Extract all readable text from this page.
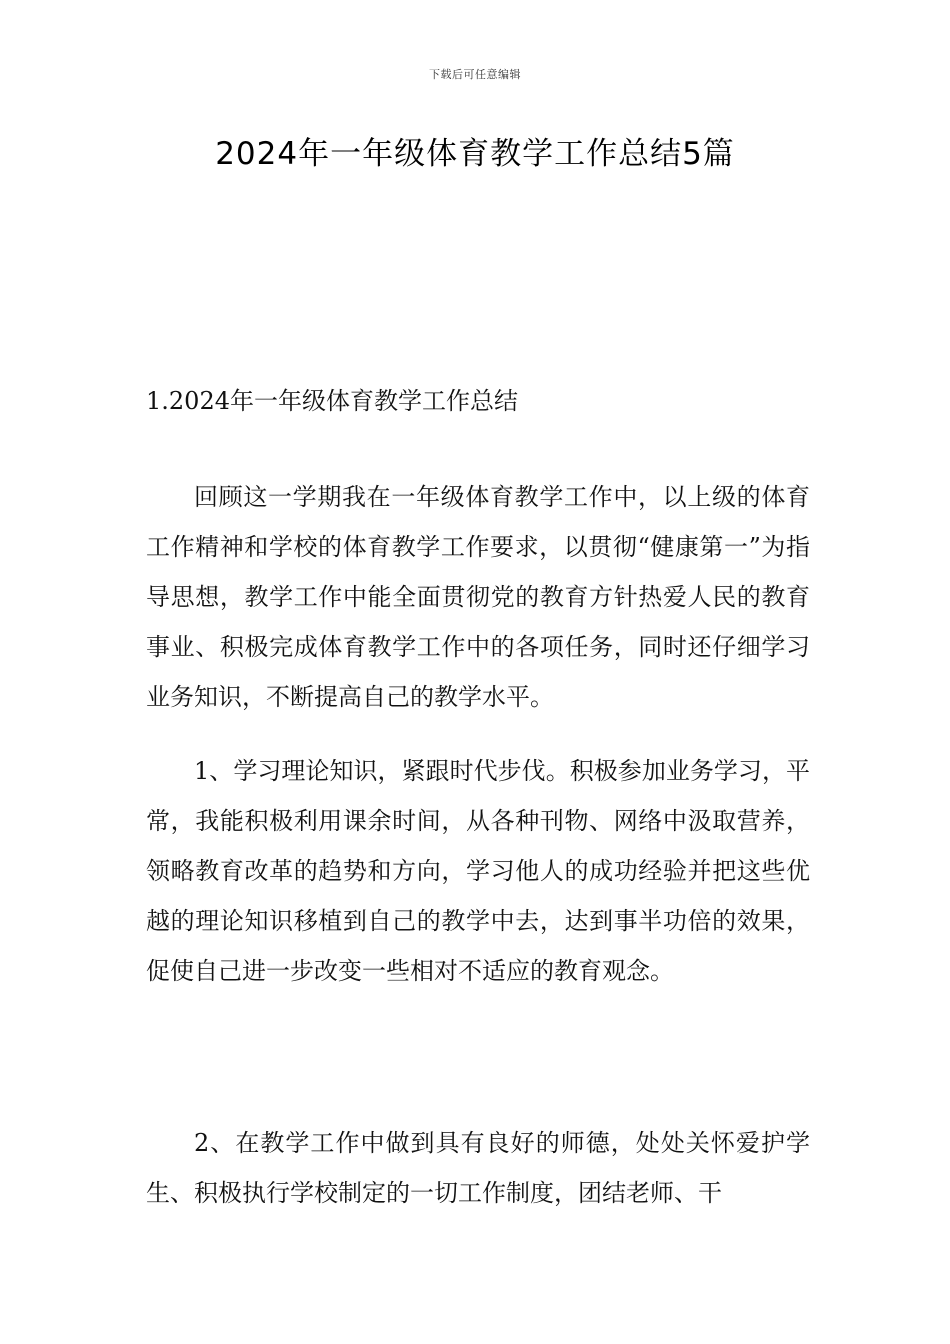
下载后可任意编辑
2024年一年级体育教学工作总结5篇
1.2024年一年级体育教学工作总结

回顾这一学期我在一年级体育教学工作中，以上级的体育工作精神和学校的体育教学工作要求，以贯彻“健康第一”为指导思想，教学工作中能全面贯彻党的教育方针热爱人民的教育事业、积极完成体育教学工作中的各项任务，同时还仔细学习业务知识，不断提高自己的教学水平。

1、学习理论知识，紧跟时代步伐。积极参加业务学习，平常，我能积极利用课余时间，从各种刊物、网络中汲取营养，领略教育改革的趋势和方向，学习他人的成功经验并把这些优越的理论知识移植到自己的教学中去，达到事半功倍的效果，促使自己进一步改变一些相对不适应的教育观念。

2、在教学工作中做到具有良好的师德，处处关怀爱护学生、积极执行学校制定的一切工作制度，团结老师、干
